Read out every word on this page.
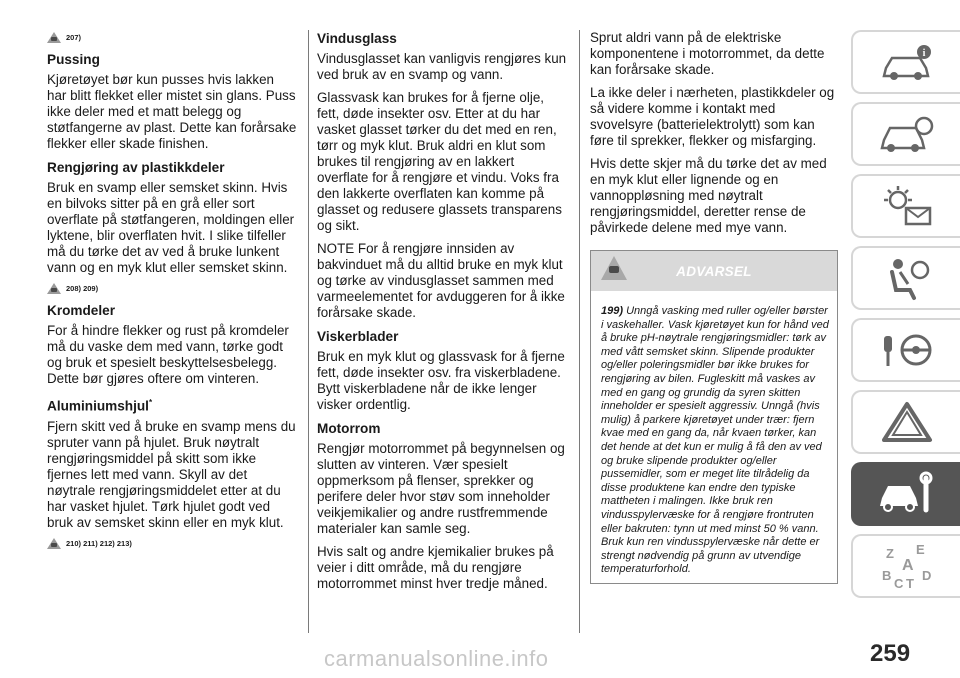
207)
Pussing

Kjøretøyet bør kun pusses hvis lakken har blitt flekket eller mistet sin glans. Puss ikke deler med et matt belegg og støtfangerne av plast. Dette kan forårsake flekker eller skade finishen.

Rengjøring av plastikkdeler

Bruk en svamp eller semsket skinn. Hvis en bilvoks sitter på en grå eller sort overflate på støtfangeren, moldingen eller lyktene, blir overflaten hvit. I slike tilfeller må du tørke det av ved å bruke lunkent vann og en myk klut eller semsket skinn.

208) 209)
Kromdeler

For å hindre flekker og rust på kromdeler må du vaske dem med vann, tørke godt og bruk et spesielt beskyttelsesbelegg. Dette bør gjøres oftere om vinteren.

Aluminiumshjul*

Fjern skitt ved å bruke en svamp mens du spruter vann på hjulet. Bruk nøytralt rengjøringsmiddel på skitt som ikke fjernes lett med vann. Skyll av det nøytrale rengjøringsmiddelet etter at du har vasket hjulet. Tørk hjulet godt ved bruk av semsket skinn eller en myk klut.

210) 211) 212) 213)
Vindusglass

Vindusglasset kan vanligvis rengjøres kun ved bruk av en svamp og vann.

Glassvask kan brukes for å fjerne olje, fett, døde insekter osv. Etter at du har vasket glasset tørker du det med en ren, tørr og myk klut. Bruk aldri en klut som brukes til rengjøring av en lakkert overflate for å rengjøre et vindu. Voks fra den lakkerte overflaten kan komme på glasset og redusere glassets transparens og sikt.

NOTE For å rengjøre innsiden av bakvinduet må du alltid bruke en myk klut og tørke av vindusglasset sammen med varmeelementet for avduggeren for å ikke forårsake skade.

Viskerblader

Bruk en myk klut og glassvask for å fjerne fett, døde insekter osv. fra viskerbladene. Bytt viskerbladene når de ikke lenger visker ordentlig.

Motorrom

Rengjør motorrommet på begynnelsen og slutten av vinteren. Vær spesielt oppmerksom på flenser, sprekker og perifere deler hvor støv som inneholder veikjemikalier og andre rustfremmende materialer kan samle seg.

Hvis salt og andre kjemikalier brukes på veier i ditt område, må du rengjøre motorrommet minst hver tredje måned.

Sprut aldri vann på de elektriske komponentene i motorrommet, da dette kan forårsake skade.

La ikke deler i nærheten, plastikkdeler og så videre komme i kontakt med svovelsyre (batterielektrolytt) som kan føre til sprekker, flekker og misfarging.

Hvis dette skjer må du tørke det av med en myk klut eller lignende og en vannoppløsning med nøytralt rengjøringsmiddel, deretter rense de påvirkede delene med mye vann.

ADVARSEL
199) Unngå vasking med ruller og/eller børster i vaskehaller. Vask kjøretøyet kun for hånd ved å bruke pH-nøytrale rengjøringsmidler: tørk av med vått semsket skinn. Slipende produkter og/eller poleringsmidler bør ikke brukes for rengjøring av bilen. Fugleskitt må vaskes av med en gang og grundig da syren skitten inneholder er spesielt aggressiv. Unngå (hvis mulig) å parkere kjøretøyet under trær: fjern kvae med en gang da, når kvaen tørker, kan det hende at det kun er mulig å få den av ved og bruke slipende produkter og/eller pussemidler, som er meget lite tilrådelig da disse produktene kan endre den typiske mattheten i malingen. Ikke bruk ren vindusspylervæske for å rengjøre frontruten eller bakruten: tynn ut med minst 50 % vann. Bruk kun ren vindusspylervæske når dette er strengt nødvendig på grunn av utvendige temperaturforhold.
i
Z E
A
B
C T
D
259
carmanualsonline.info
